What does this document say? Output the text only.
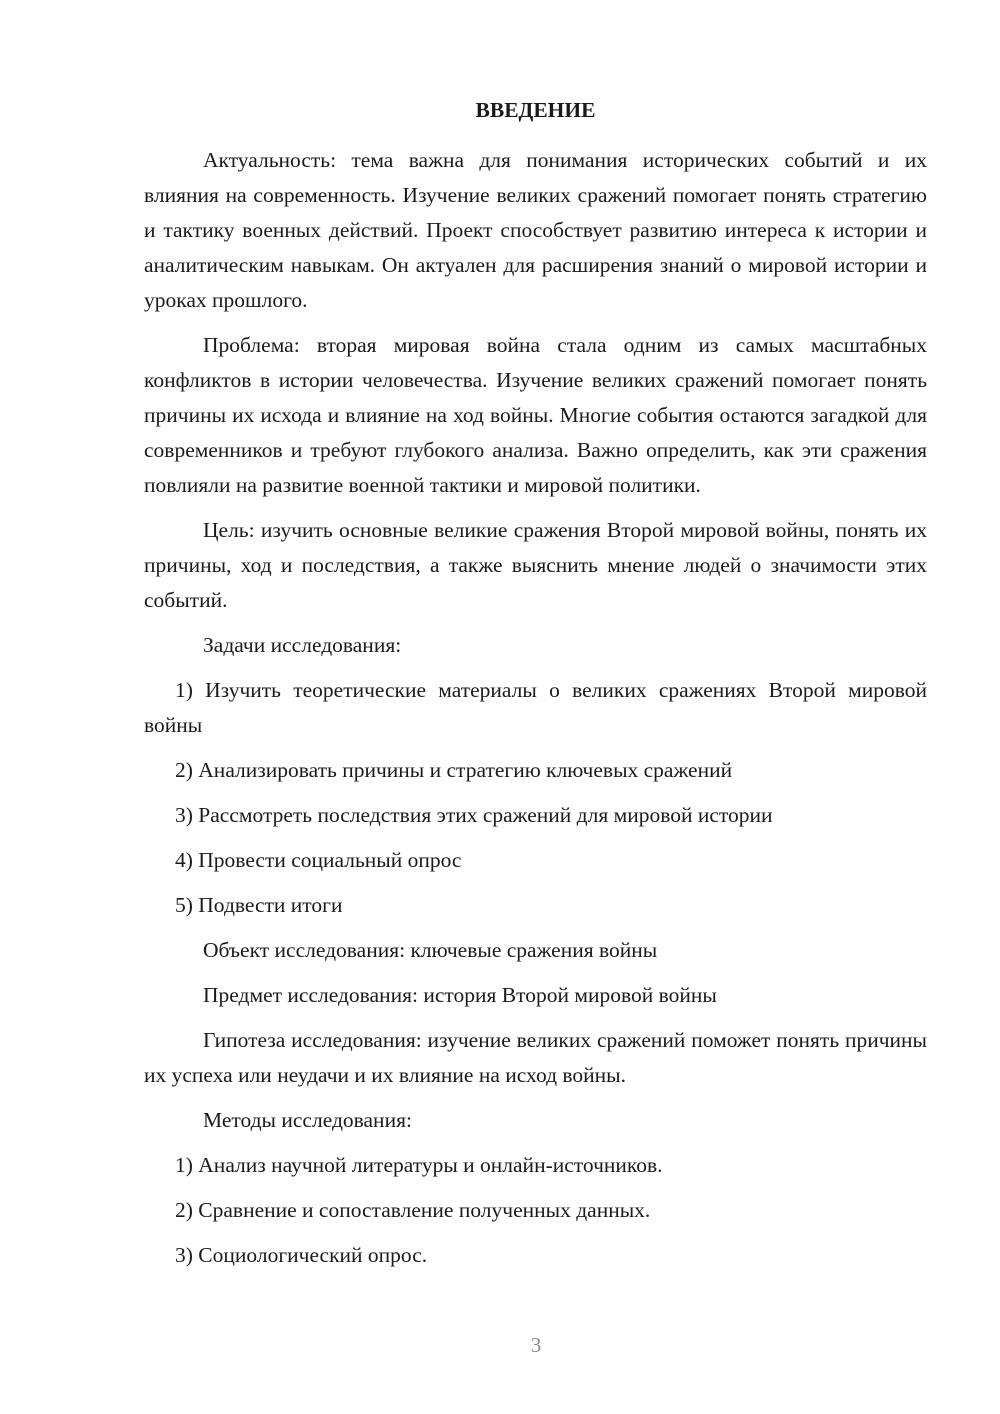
ВВЕДЕНИЕ

Актуальность: тема важна для понимания исторических событий и их влияния на современность. Изучение великих сражений помогает понять стратегию и тактику военных действий. Проект способствует развитию интереса к истории и аналитическим навыкам. Он актуален для расширения знаний о мировой истории и уроках прошлого.

Проблема: вторая мировая война стала одним из самых масштабных конфликтов в истории человечества. Изучение великих сражений помогает понять причины их исхода и влияние на ход войны. Многие события остаются загадкой для современников и требуют глубокого анализа. Важно определить, как эти сражения повлияли на развитие военной тактики и мировой политики.

Цель: изучить основные великие сражения Второй мировой войны, понять их причины, ход и последствия, а также выяснить мнение людей о значимости этих событий.

Задачи исследования:

1) Изучить теоретические материалы о великих сражениях Второй мировой войны

2) Анализировать причины и стратегию ключевых сражений

3) Рассмотреть последствия этих сражений для мировой истории

4) Провести социальный опрос

5) Подвести итоги

Объект исследования: ключевые сражения войны

Предмет исследования: история Второй мировой войны

Гипотеза исследования: изучение великих сражений поможет понять причины их успеха или неудачи и их влияние на исход войны.

Методы исследования:

1) Анализ научной литературы и онлайн-источников.

2) Сравнение и сопоставление полученных данных.

3) Социологический опрос.

3
